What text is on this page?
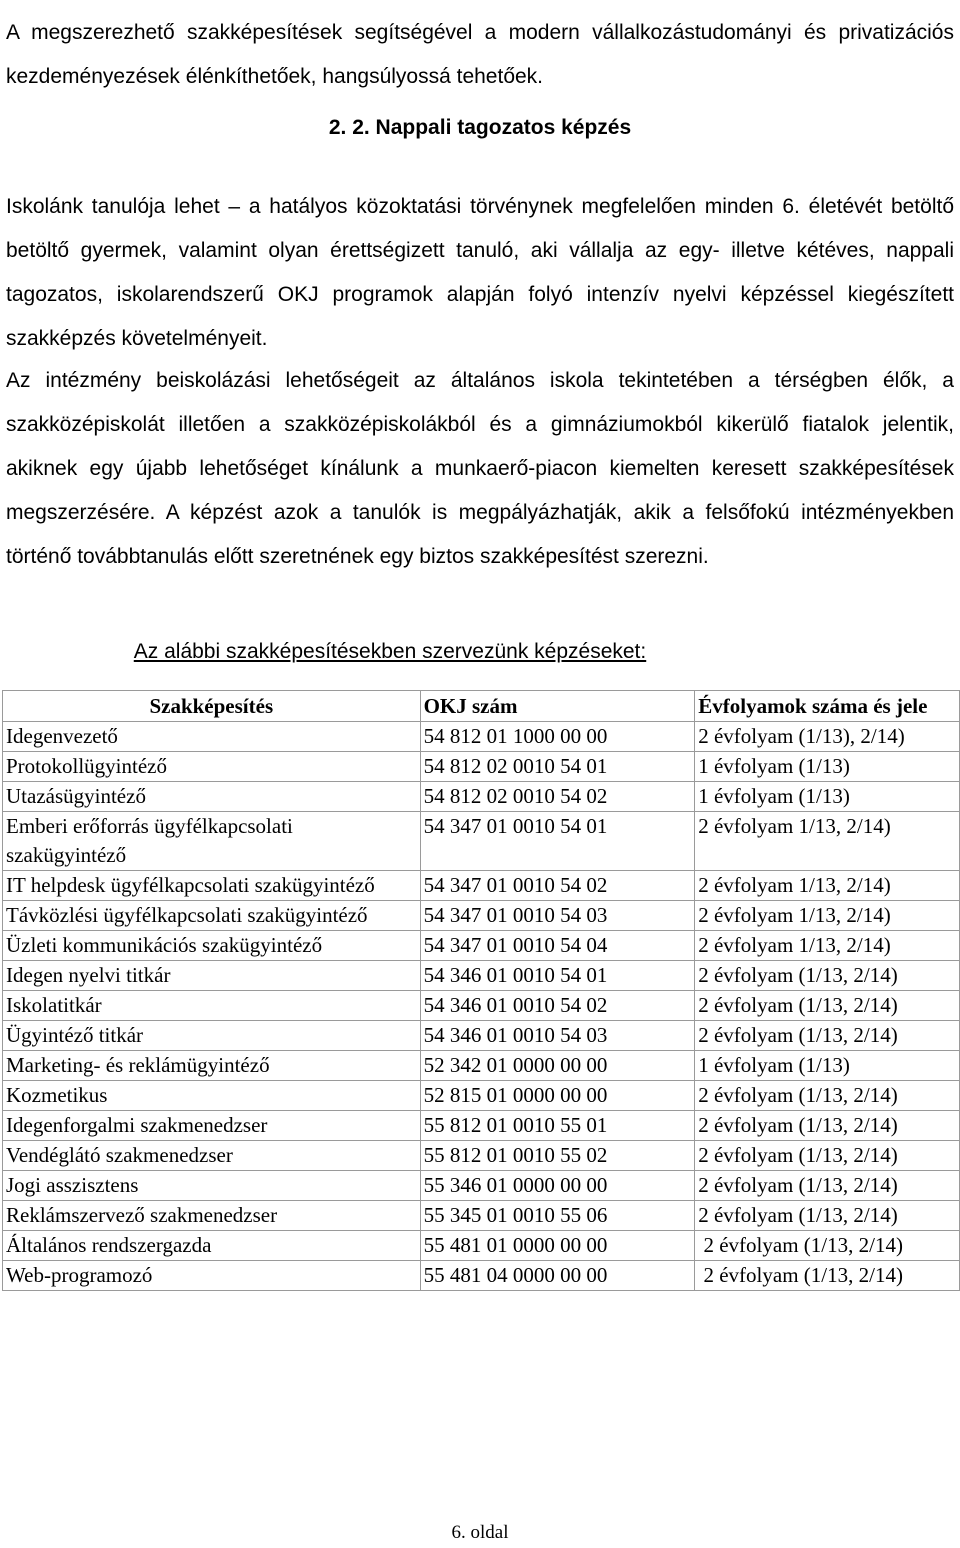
A megszerezhető szakképesítések segítségével a modern vállalkozástudományi és privatizációs kezdeményezések élénkíthetőek, hangsúlyossá tehetőek.

2. 2. Nappali tagozatos képzés

Iskolánk tanulója lehet – a hatályos közoktatási törvénynek megfelelően minden 6. életévét betöltő betöltő gyermek, valamint olyan érettségizett tanuló, aki vállalja az egy- illetve kétéves, nappali tagozatos, iskolarendszerű OKJ programok alapján folyó intenzív nyelvi képzéssel kiegészített szakképzés követelményeit.

Az intézmény beiskolázási lehetőségeit az általános iskola tekintetében a térségben élők, a szakközépiskolát illetően a szakközépiskolákból és a gimnáziumokból kikerülő fiatalok jelentik, akiknek egy újabb lehetőséget kínálunk a munkaerő-piacon kiemelten keresett szakképesítések megszerzésére. A képzést azok a tanulók is megpályázhatják, akik a felsőfokú intézményekben történő továbbtanulás előtt szeretnének egy biztos szakképesítést szerezni.

Az alábbi szakképesítésekben szervezünk képzéseket:

Szakképesítés	OKJ szám	Évfolyamok száma és jele
Idegenvezető	54 812 01 1000 00 00	2 évfolyam (1/13), 2/14)
Protokollügyintéző	54 812 02 0010 54 01	1 évfolyam (1/13)
Utazásügyintéző	54 812 02 0010 54 02	1 évfolyam (1/13)
Emberi erőforrás ügyfélkapcsolati szakügyintéző	54 347 01 0010 54 01	2 évfolyam 1/13, 2/14)
IT helpdesk ügyfélkapcsolati szakügyintéző	54 347 01 0010 54 02	2 évfolyam 1/13, 2/14)
Távközlési ügyfélkapcsolati szakügyintéző	54 347 01 0010 54 03	2 évfolyam 1/13, 2/14)
Üzleti kommunikációs szakügyintéző	54 347 01 0010 54 04	2 évfolyam 1/13, 2/14)
Idegen nyelvi titkár	54 346 01 0010 54 01	2 évfolyam (1/13, 2/14)
Iskolatitkár	54 346 01 0010 54 02	2 évfolyam (1/13, 2/14)
Ügyintéző titkár	54 346 01 0010 54 03	2 évfolyam (1/13, 2/14)
Marketing- és reklámügyintéző	52 342 01 0000 00 00	1 évfolyam (1/13)
Kozmetikus	52 815 01 0000 00 00	2 évfolyam (1/13, 2/14)
Idegenforgalmi szakmenedzser	55 812 01 0010 55 01	2 évfolyam (1/13, 2/14)
Vendéglátó szakmenedzser	55 812 01 0010 55 02	2 évfolyam (1/13, 2/14)
Jogi asszisztens	55 346 01 0000 00 00	2 évfolyam (1/13, 2/14)
Reklámszervező szakmenedzser	55 345 01 0010 55 06	2 évfolyam (1/13, 2/14)
Általános rendszergazda	55 481 01 0000 00 00	2 évfolyam (1/13, 2/14)
Web-programozó	55 481 04 0000 00 00	2 évfolyam (1/13, 2/14)
6. oldal
